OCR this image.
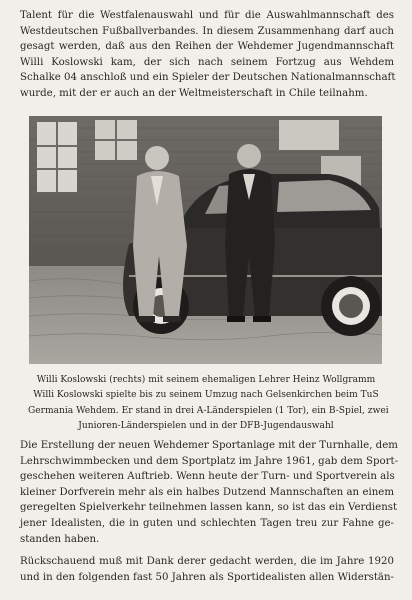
Talent für die Westfalenauswahl und für die Auswahlmannschaft des
Westdeutschen Fußballverbandes. In diesem Zusammenhang darf auch
gesagt werden, daß aus den Reihen der Wehdemer Jugendmannschaft
Willi Koslowski kam, der sich nach seinem Fortzug aus Wehdem
Schalke 04 anschloß und ein Spieler der Deutschen Nationalmannschaft
wurde, mit der er auch an der Weltmeisterschaft in Chile teilnahm.

Willi Koslowski (rechts) mit seinem ehemaligen Lehrer Heinz Wollgramm
Willi Koslowski spielte bis zu seinem Umzug nach Gelsenkirchen beim TuS
Germania Wehdem. Er stand in drei A-Länderspielen (1 Tor), ein B-Spiel, zwei
Junioren-Länderspielen und in der DFB-Jugendauswahl

Die Erstellung der neuen Wehdemer Sportanlage mit der Turnhalle, dem
Lehrschwimmbecken und dem Sportplatz im Jahre 1961, gab dem Sport-
geschehen weiteren Auftrieb. Wenn heute der Turn- und Sportverein als
kleiner Dorfverein mehr als ein halbes Dutzend Mannschaften an einem
geregelten Spielverkehr teilnehmen lassen kann, so ist das ein Verdienst
jener Idealisten, die in guten und schlechten Tagen treu zur Fahne ge-
standen haben.

Rückschauend muß mit Dank derer gedacht werden, die im Jahre 1920
und in den folgenden fast 50 Jahren als Sportidealisten allen Widerstän-
